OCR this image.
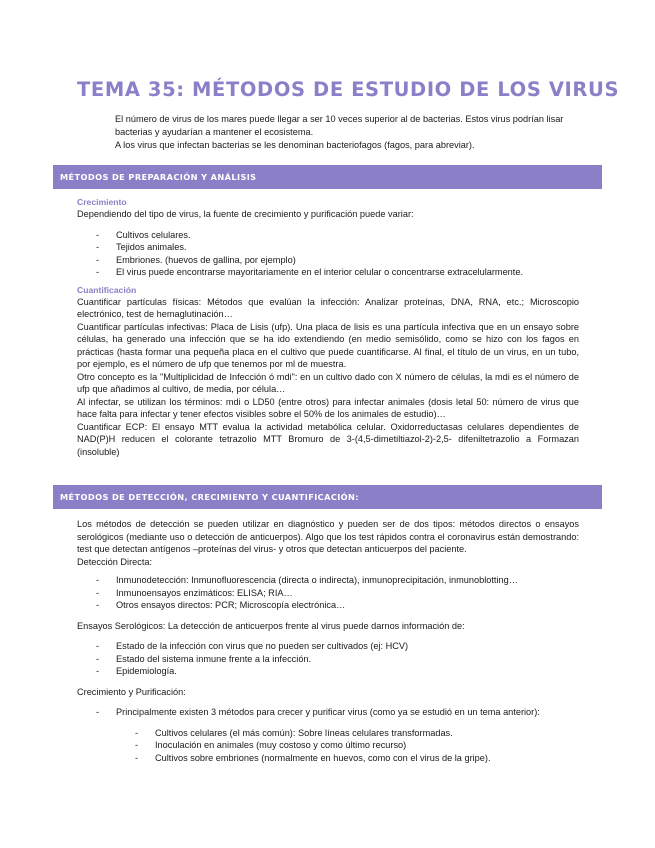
TEMA 35: MÉTODOS DE ESTUDIO DE LOS VIRUS

El número de virus de los mares puede llegar a ser 10 veces superior al de bacterias. Estos virus podrían lisar bacterias y ayudarían a mantener el ecosistema.

A los virus que infectan bacterias se les denominan bacteriofagos (fagos, para abreviar).

MÉTODOS DE PREPARACIÓN Y ANÁLISIS

Crecimiento

Dependiendo del tipo de virus, la fuente de crecimiento y purificación puede variar:

- Cultivos celulares.
- Tejidos animales.
- Embriones. (huevos de gallina, por ejemplo)
- El virus puede encontrarse mayoritariamente en el interior celular o concentrarse extracelularmente.

Cuantificación

Cuantificar partículas físicas: Métodos que evalúan la infección: Analizar proteínas, DNA, RNA, etc.; Microscopio electrónico, test de hemaglutinación…

Cuantificar partículas infectivas: Placa de Lisis (ufp). Una placa de lisis es una partícula infectiva que en un ensayo sobre células, ha generado una infección que se ha ido extendiendo (en medio semisólido, como se hizo con los fagos en prácticas (hasta formar una pequeña placa en el cultivo que puede cuantificarse. Al final, el título de un virus, en un tubo, por ejemplo, es el número de ufp que tenemos por ml de muestra.

Otro concepto es la "Multiplicidad de Infección ó mdi": en un cultivo dado con X número de células, la mdi es el número de ufp que añadimos al cultivo, de media, por célula…

Al infectar, se utilizan los términos: mdi o LD50 (entre otros) para infectar animales (dosis letal 50: número de virus que hace falta para infectar y tener efectos visibles sobre el 50% de los animales de estudio)…

Cuantificar ECP: El ensayo MTT evalua la actividad metabólica celular. Oxidorreductasas celulares dependientes de NAD(P)H reducen el colorante tetrazolio MTT Bromuro de 3-(4,5-dimetiltiazol-2)-2,5- difeniltetrazolio a Formazan (insoluble)

MÉTODOS DE DETECCIÓN, CRECIMIENTO Y CUANTIFICACIÓN:

Los métodos de detección se pueden utilizar en diagnóstico y pueden ser de dos tipos: métodos directos o ensayos serológicos (mediante uso o detección de anticuerpos). Algo que los test rápidos contra el coronavirus están demostrando: test que detectan antígenos –proteínas del virus- y otros que detectan anticuerpos del paciente.

Detección Directa:

- Inmunodetección: Inmunofluorescencia (directa o indirecta), inmunoprecipitación, inmunoblotting…
- Inmunoensayos enzimáticos: ELISA; RIA…
- Otros ensayos directos: PCR; Microscopía electrónica…

Ensayos Serológicos: La detección de anticuerpos frente al virus puede darnos información de:

- Estado de la infección con virus que no pueden ser cultivados (ej: HCV)
- Estado del sistema inmune frente a la infección.
- Epidemiología.

Crecimiento y Purificación:

- Principalmente existen 3 métodos para crecer y purificar virus (como ya se estudió en un tema anterior):
- Cultivos celulares (el más común): Sobre líneas celulares transformadas.
- Inoculación en animales (muy costoso y como último recurso)
- Cultivos sobre embriones (normalmente en huevos, como con el virus de la gripe).
